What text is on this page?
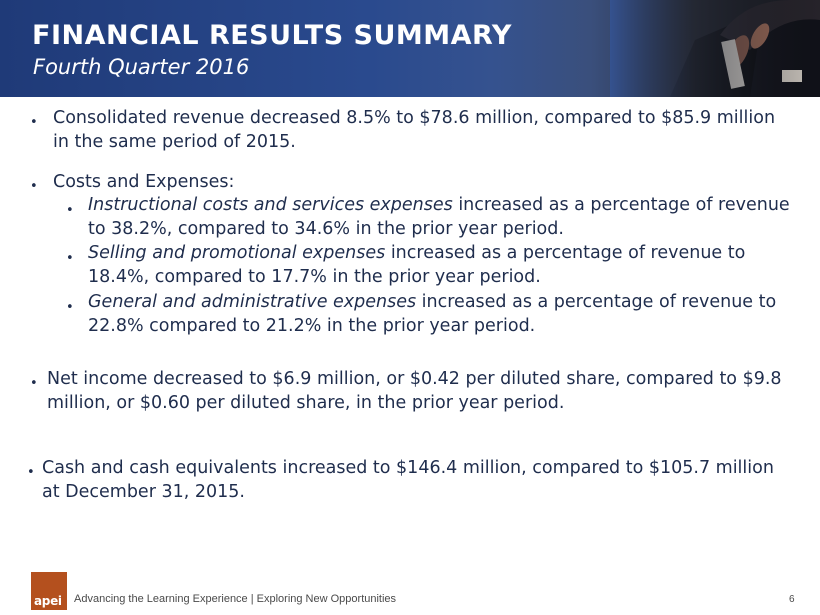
FINANCIAL RESULTS SUMMARY
Fourth Quarter 2016
• Consolidated revenue decreased 8.5% to $78.6 million, compared to $85.9 million in the same period of 2015.
• Costs and Expenses:
• Instructional costs and services expenses increased as a percentage of revenue to 38.2%, compared to 34.6% in the prior year period.
• Selling and promotional expenses increased as a percentage of revenue to 18.4%, compared to 17.7% in the prior year period.
• General and administrative expenses increased as a percentage of revenue to 22.8% compared to 21.2% in the prior year period.
• Net income decreased to $6.9 million, or $0.42 per diluted share, compared to $9.8 million, or $0.60 per diluted share, in the prior year period.
• Cash and cash equivalents increased to $146.4 million, compared to $105.7 million at December 31, 2015.
apei Advancing the Learning Experience | Exploring New Opportunities	6
